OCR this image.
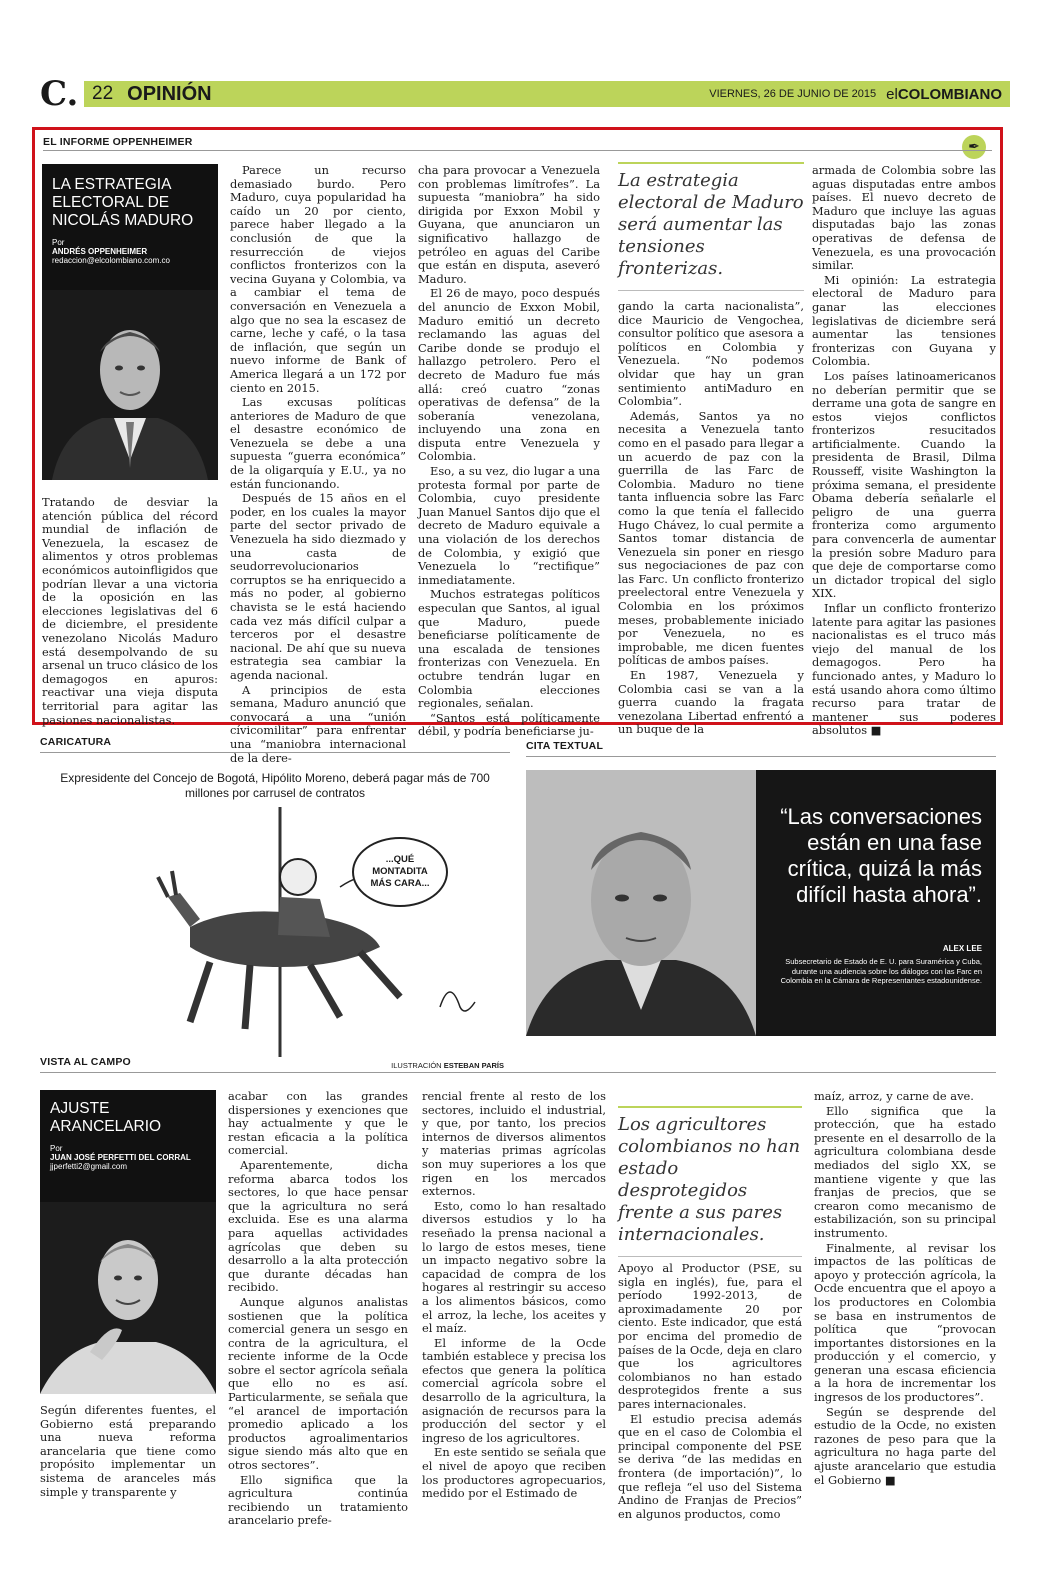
C. 22 OPINIÓN	VIERNES, 26 DE JUNIO DE 2015 elCOLOMBIANO
EL INFORME OPPENHEIMER	✒
LA ESTRATEGIA ELECTORAL DE NICOLÁS MADURO
Por
ANDRÉS OPPENHEIMER
redaccion@elcolombiano.com.co

Tratando de desviar la atención pública del récord mundial de inflación de Venezuela, la escasez de alimentos y otros problemas económicos autoinfligidos que podrían llevar a una victoria de la oposición en las elecciones legislativas del 6 de diciembre, el presidente venezolano Nicolás Maduro está desempolvando de su arsenal un truco clásico de los demagogos en apuros: reactivar una vieja disputa territorial para agitar las pasiones nacionalistas.

Parece un recurso demasiado burdo. Pero Maduro, cuya popularidad ha caído un 20 por ciento, parece haber llegado a la conclusión de que la resurrección de viejos conflictos fronterizos con la vecina Guyana y Colombia, va a cambiar el tema de conversación en Venezuela a algo que no sea la escasez de carne, leche y café, o la tasa de inflación, que según un nuevo informe de Bank of America llegará a un 172 por ciento en 2015.

Las excusas políticas anteriores de Maduro de que el desastre económico de Venezuela se debe a una supuesta “guerra económica” de la oligarquía y E.U., ya no están funcionando.

Después de 15 años en el poder, en los cuales la mayor parte del sector privado de Venezuela ha sido diezmado y una casta de seudorrevolucionarios corruptos se ha enriquecido a más no poder, al gobierno chavista se le está haciendo cada vez más difícil culpar a terceros por el desastre nacional. De ahí que su nueva estrategia sea cambiar la agenda nacional.

A principios de esta semana, Maduro anunció que convocará a una “unión cívicomilitar” para enfrentar una “maniobra internacional de la dere-

cha para provocar a Venezuela con problemas limítrofes”. La supuesta “maniobra” ha sido dirigida por Exxon Mobil y Guyana, que anunciaron un significativo hallazgo de petróleo en aguas del Caribe que están en disputa, aseveró Maduro.

El 26 de mayo, poco después del anuncio de Exxon Mobil, Maduro emitió un decreto reclamando las aguas del Caribe donde se produjo el hallazgo petrolero. Pero el decreto de Maduro fue más allá: creó cuatro “zonas operativas de defensa” de la soberanía venezolana, incluyendo una zona en disputa entre Venezuela y Colombia.

Eso, a su vez, dio lugar a una protesta formal por parte de Colombia, cuyo presidente Juan Manuel Santos dijo que el decreto de Maduro equivale a una violación de los derechos de Colombia, y exigió que Venezuela lo “rectifique” inmediatamente.

Muchos estrategas políticos especulan que Santos, al igual que Maduro, puede beneficiarse políticamente de una escalada de tensiones fronterizas con Venezuela. En octubre tendrán lugar en Colombia elecciones regionales, señalan.

“Santos está políticamente débil, y podría beneficiarse ju-

La estrategia electoral de Maduro será aumentar las tensiones fronterizas.

gando la carta nacionalista”, dice Mauricio de Vengochea, consultor político que asesora a políticos en Colombia y Venezuela. “No podemos olvidar que hay un gran sentimiento antiMaduro en Colombia”.

Además, Santos ya no necesita a Venezuela tanto como en el pasado para llegar a un acuerdo de paz con la guerrilla de las Farc de Colombia. Maduro no tiene tanta influencia sobre las Farc como la que tenía el fallecido Hugo Chávez, lo cual permite a Santos tomar distancia de Venezuela sin poner en riesgo sus negociaciones de paz con las Farc. Un conflicto fronterizo preelectoral entre Venezuela y Colombia en los próximos meses, probablemente iniciado por Venezuela, no es improbable, me dicen fuentes políticas de ambos países.

En 1987, Venezuela y Colombia casi se van a la guerra cuando la fragata venezolana Libertad enfrentó a un buque de la

armada de Colombia sobre las aguas disputadas entre ambos países. El nuevo decreto de Maduro que incluye las aguas disputadas bajo las zonas operativas de defensa de Venezuela, es una provocación similar.

Mi opinión: La estrategia electoral de Maduro para ganar las elecciones legislativas de diciembre será aumentar las tensiones fronterizas con Guyana y Colombia.

Los países latinoamericanos no deberían permitir que se derrame una gota de sangre en estos viejos conflictos fronterizos resucitados artificialmente. Cuando la presidenta de Brasil, Dilma Rousseff, visite Washington la próxima semana, el presidente Obama debería señalarle el peligro de una guerra fronteriza como argumento para convencerla de aumentar la presión sobre Maduro para que deje de comportarse como un dictador tropical del siglo XIX.

Inflar un conflicto fronterizo latente para agitar las pasiones nacionalistas es el truco más viejo del manual de los demagogos. Pero ha funcionado antes, y Maduro lo está usando ahora como último recurso para tratar de mantener sus poderes absolutos ■

CARICATURA
Expresidente del Concejo de Bogotá, Hipólito Moreno, deberá pagar más de 700 millones por carrusel de contratos
...QUÉ MONTADITA MÁS CARA...
ILUSTRACIÓN ESTEBAN PARÍS
CITA TEXTUAL
“Las conversaciones están en una fase crítica, quizá la más difícil hasta ahora”.
ALEX LEE
Subsecretario de Estado de E. U. para Suramérica y Cuba, durante una audiencia sobre los diálogos con las Farc en Colombia en la Cámara de Representantes estadounidense.
VISTA AL CAMPO
AJUSTE ARANCELARIO
Por
JUAN JOSÉ PERFETTI DEL CORRAL
jjperfetti2@gmail.com

Según diferentes fuentes, el Gobierno está preparando una nueva reforma arancelaria que tiene como propósito implementar un sistema de aranceles más simple y transparente y

acabar con las grandes dispersiones y exenciones que hay actualmente y que le restan eficacia a la política comercial.

Aparentemente, dicha reforma abarca todos los sectores, lo que hace pensar que la agricultura no será excluida. Ese es una alarma para aquellas actividades agrícolas que deben su desarrollo a la alta protección que durante décadas han recibido.

Aunque algunos analistas sostienen que la política comercial genera un sesgo en contra de la agricultura, el reciente informe de la Ocde sobre el sector agrícola señala que ello no es así. Particularmente, se señala que “el arancel de importación promedio aplicado a los productos agroalimentarios sigue siendo más alto que en otros sectores”.

Ello significa que la agricultura continúa recibiendo un tratamiento arancelario prefe-

rencial frente al resto de los sectores, incluido el industrial, y que, por tanto, los precios internos de diversos alimentos y materias primas agrícolas son muy superiores a los que rigen en los mercados externos.

Esto, como lo han resaltado diversos estudios y lo ha reseñado la prensa nacional a lo largo de estos meses, tiene un impacto negativo sobre la capacidad de compra de los hogares al restringir su acceso a los alimentos básicos, como el arroz, la leche, los aceites y el maíz.

El informe de la Ocde también establece y precisa los efectos que genera la política comercial agrícola sobre el desarrollo de la agricultura, la asignación de recursos para la producción del sector y el ingreso de los agricultores.

En este sentido se señala que el nivel de apoyo que reciben los productores agropecuarios, medido por el Estimado de

Los agricultores colombianos no han estado desprotegidos frente a sus pares internacionales.

Apoyo al Productor (PSE, su sigla en inglés), fue, para el período 1992-2013, de aproximadamente 20 por ciento. Este indicador, que está por encima del promedio de países de la Ocde, deja en claro que los agricultores colombianos no han estado desprotegidos frente a sus pares internacionales.

El estudio precisa además que en el caso de Colombia el principal componente del PSE se deriva “de las medidas en frontera (de importación)”, lo que refleja “el uso del Sistema Andino de Franjas de Precios” en algunos productos, como

maíz, arroz, y carne de ave.

Ello significa que la protección, que ha estado presente en el desarrollo de la agricultura colombiana desde mediados del siglo XX, se mantiene vigente y que las franjas de precios, que se crearon como mecanismo de estabilización, son su principal instrumento.

Finalmente, al revisar los impactos de las políticas de apoyo y protección agrícola, la Ocde encuentra que el apoyo a los productores en Colombia se basa en instrumentos de política que “provocan importantes distorsiones en la producción y el comercio, y generan una escasa eficiencia a la hora de incrementar los ingresos de los productores”.

Según se desprende del estudio de la Ocde, no existen razones de peso para que la agricultura no haga parte del ajuste arancelario que estudia el Gobierno ■
